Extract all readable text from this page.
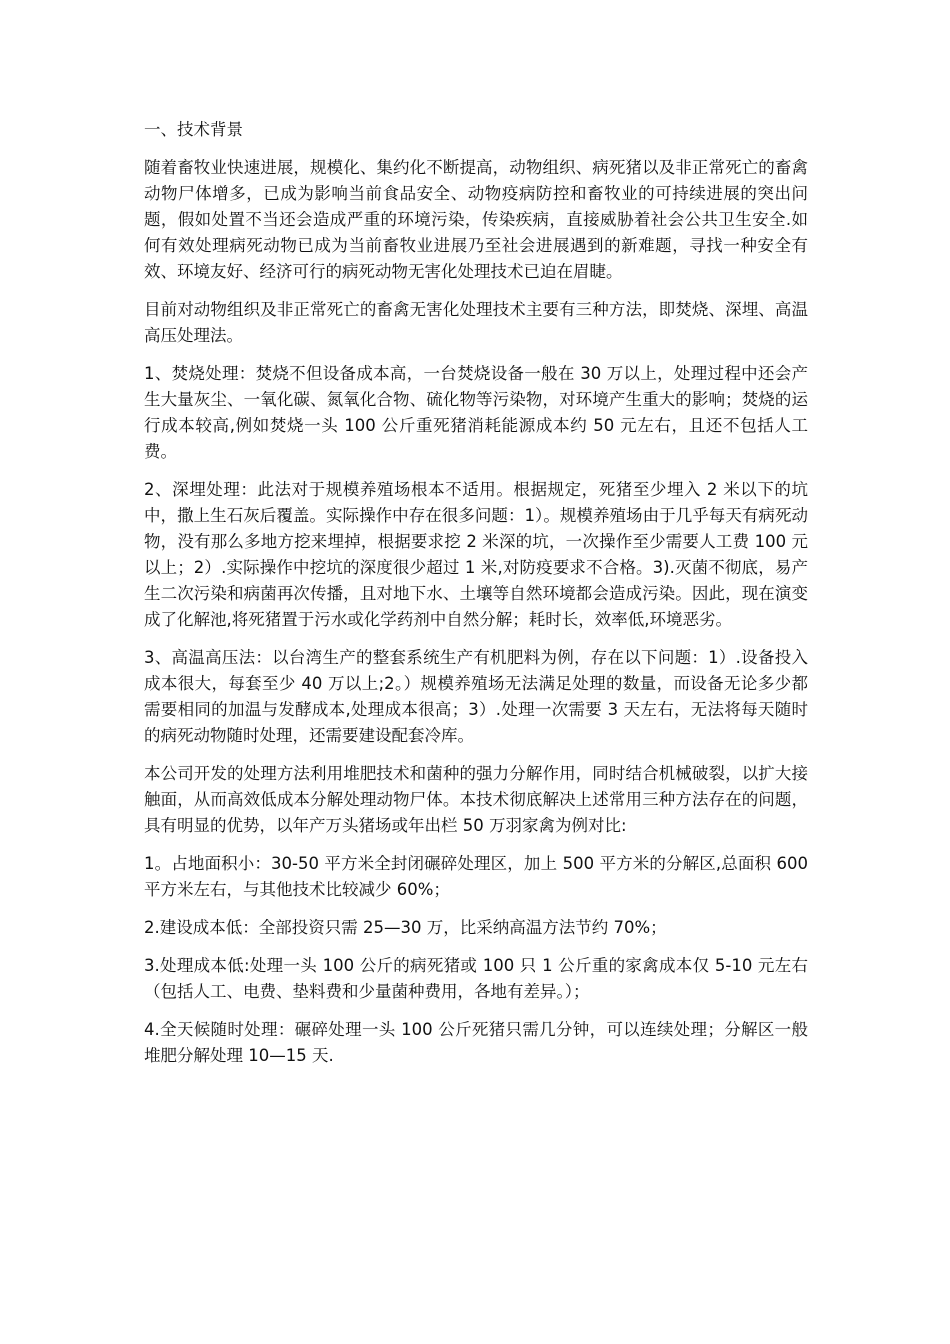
一、技术背景

随着畜牧业快速进展，规模化、集约化不断提高，动物组织、病死猪以及非正常死亡的畜禽动物尸体增多，已成为影响当前食品安全、动物疫病防控和畜牧业的可持续进展的突出问题，假如处置不当还会造成严重的环境污染，传染疾病，直接威胁着社会公共卫生安全.如何有效处理病死动物已成为当前畜牧业进展乃至社会进展遇到的新难题，寻找一种安全有效、环境友好、经济可行的病死动物无害化处理技术已迫在眉睫。

目前对动物组织及非正常死亡的畜禽无害化处理技术主要有三种方法，即焚烧、深埋、高温高压处理法。

1、焚烧处理：焚烧不但设备成本高，一台焚烧设备一般在 30 万以上，处理过程中还会产生大量灰尘、一氧化碳、氮氧化合物、硫化物等污染物，对环境产生重大的影响；焚烧的运行成本较高,例如焚烧一头 100 公斤重死猪消耗能源成本约 50 元左右，且还不包括人工费。

2、深埋处理：此法对于规模养殖场根本不适用。根据规定，死猪至少埋入 2 米以下的坑中，撒上生石灰后覆盖。实际操作中存在很多问题：1）。规模养殖场由于几乎每天有病死动物，没有那么多地方挖来埋掉，根据要求挖 2 米深的坑，一次操作至少需要人工费 100 元以上；2）.实际操作中挖坑的深度很少超过 1 米,对防疫要求不合格。3).灭菌不彻底，易产生二次污染和病菌再次传播，且对地下水、土壤等自然环境都会造成污染。因此，现在演变成了化解池,将死猪置于污水或化学药剂中自然分解；耗时长，效率低,环境恶劣。

3、高温高压法：以台湾生产的整套系统生产有机肥料为例，存在以下问题：1）.设备投入成本很大，每套至少 40 万以上;2。）规模养殖场无法满足处理的数量，而设备无论多少都需要相同的加温与发酵成本,处理成本很高；3）.处理一次需要 3 天左右，无法将每天随时的病死动物随时处理，还需要建设配套冷库。

本公司开发的处理方法利用堆肥技术和菌种的强力分解作用，同时结合机械破裂，以扩大接触面，从而高效低成本分解处理动物尸体。本技术彻底解决上述常用三种方法存在的问题，具有明显的优势，以年产万头猪场或年出栏 50 万羽家禽为例对比:

1。占地面积小：30-50 平方米全封闭碾碎处理区，加上 500 平方米的分解区,总面积 600 平方米左右，与其他技术比较减少 60%；

2.建设成本低：全部投资只需 25—30 万，比采纳高温方法节约 70%；

3.处理成本低:处理一头 100 公斤的病死猪或 100 只 1 公斤重的家禽成本仅 5-10 元左右（包括人工、电费、垫料费和少量菌种费用，各地有差异。）；

4.全天候随时处理：碾碎处理一头 100 公斤死猪只需几分钟，可以连续处理；分解区一般堆肥分解处理 10—15 天.
